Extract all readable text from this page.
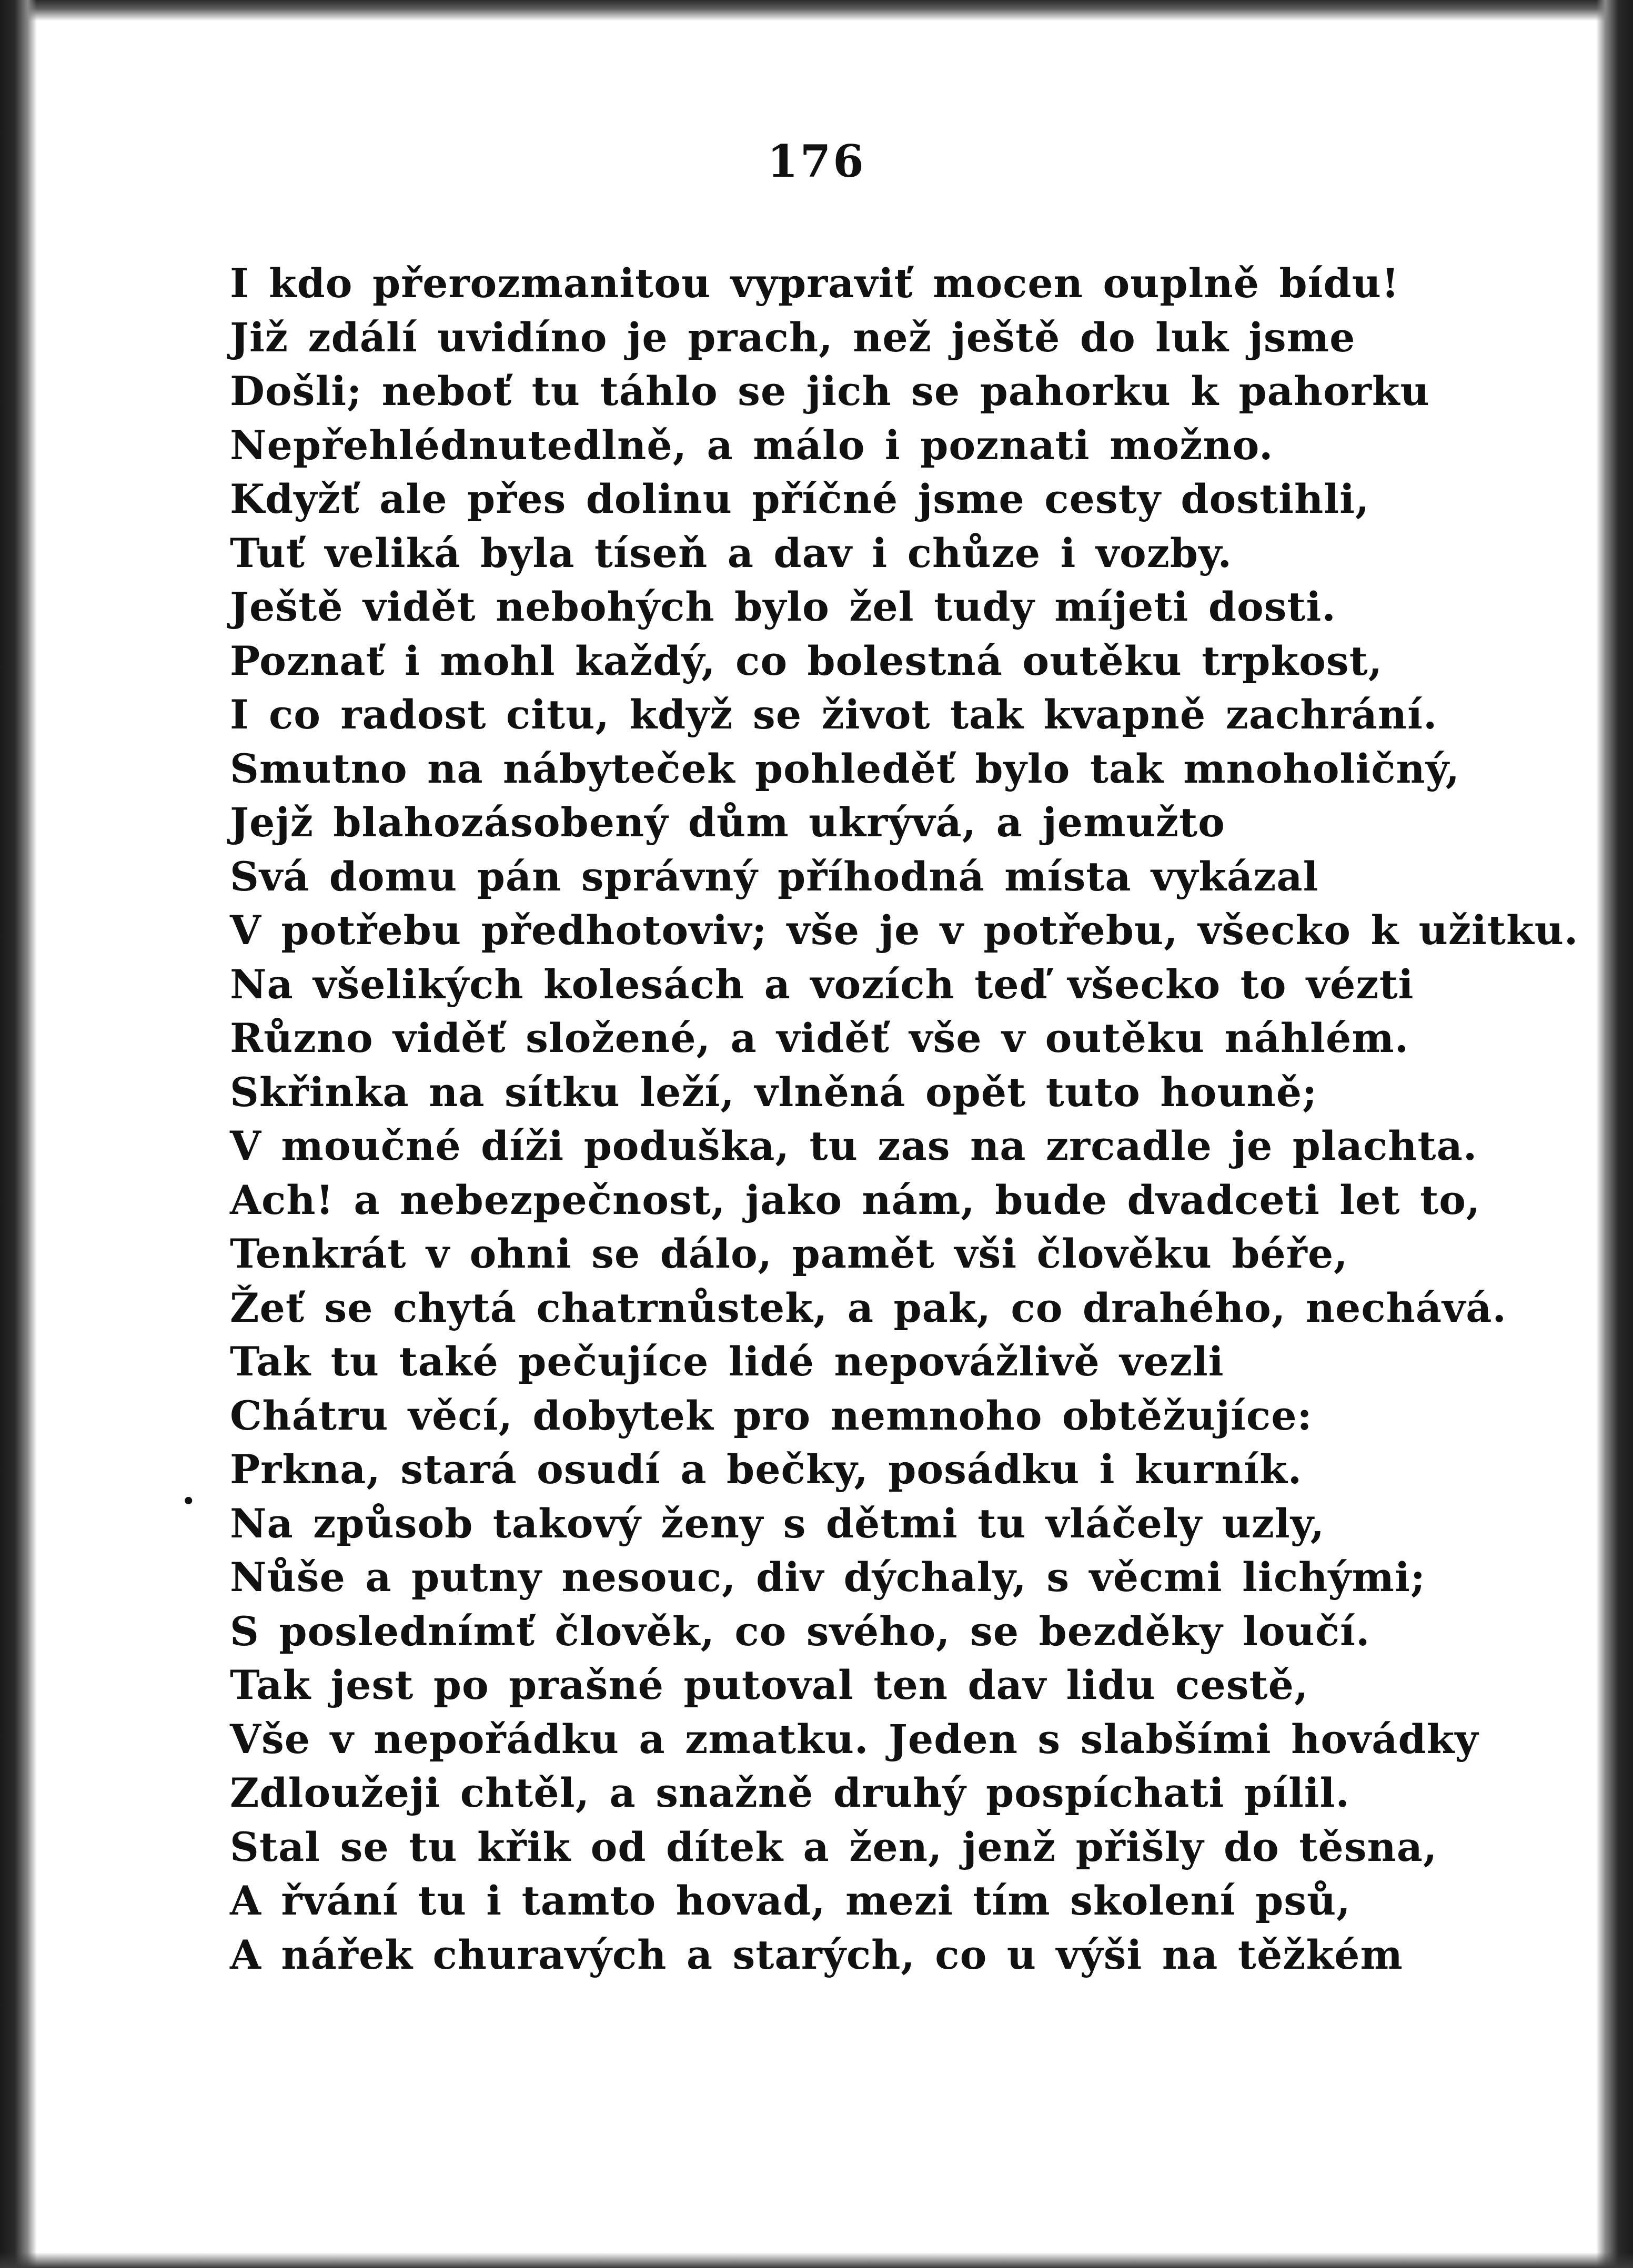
176
.
I kdo přerozmanitou vypraviť mocen ouplně bídu!
Již zdálí uvidíno je prach, než ještě do luk jsme
Došli; neboť tu táhlo se jich se pahorku k pahorku
Nepřehlédnutedlně, a málo i poznati možno.
Kdyžť ale přes dolinu příčné jsme cesty dostihli,
Tuť veliká byla tíseň a dav i chůze i vozby.
Ještě vidět nebohých bylo žel tudy míjeti dosti.
Poznať i mohl každý, co bolestná outěku trpkost,
I co radost citu, když se život tak kvapně zachrání.
Smutno na nábyteček pohleděť bylo tak mnoholičný,
Jejž blahozásobený dům ukrývá, a jemužto
Svá domu pán správný příhodná místa vykázal
V potřebu předhotoviv; vše je v potřebu, všecko k užitku.
Na všelikých kolesách a vozích teď všecko to vézti
Různo viděť složené, a viděť vše v outěku náhlém.
Skřinka na sítku leží, vlněná opět tuto houně;
V moučné díži poduška, tu zas na zrcadle je plachta.
Ach! a nebezpečnost, jako nám, bude dvadceti let to,
Tenkrát v ohni se dálo, pamět vši člověku béře,
Žeť se chytá chatrnůstek, a pak, co drahého, nechává.
Tak tu také pečujíce lidé nepovážlivě vezli
Chátru věcí, dobytek pro nemnoho obtěžujíce:
Prkna, stará osudí a bečky, posádku i kurník.
Na způsob takový ženy s dětmi tu vláčely uzly,
Nůše a putny nesouc, div dýchaly, s věcmi lichými;
S poslednímť člověk, co svého, se bezděky loučí.
Tak jest po prašné putoval ten dav lidu cestě,
Vše v nepořádku a zmatku. Jeden s slabšími hovádky
Zdloužeji chtěl, a snažně druhý pospíchati pílil.
Stal se tu křik od dítek a žen, jenž přišly do těsna,
A řvání tu i tamto hovad, mezi tím skolení psů,
A nářek churavých a starých, co u výši na těžkém
